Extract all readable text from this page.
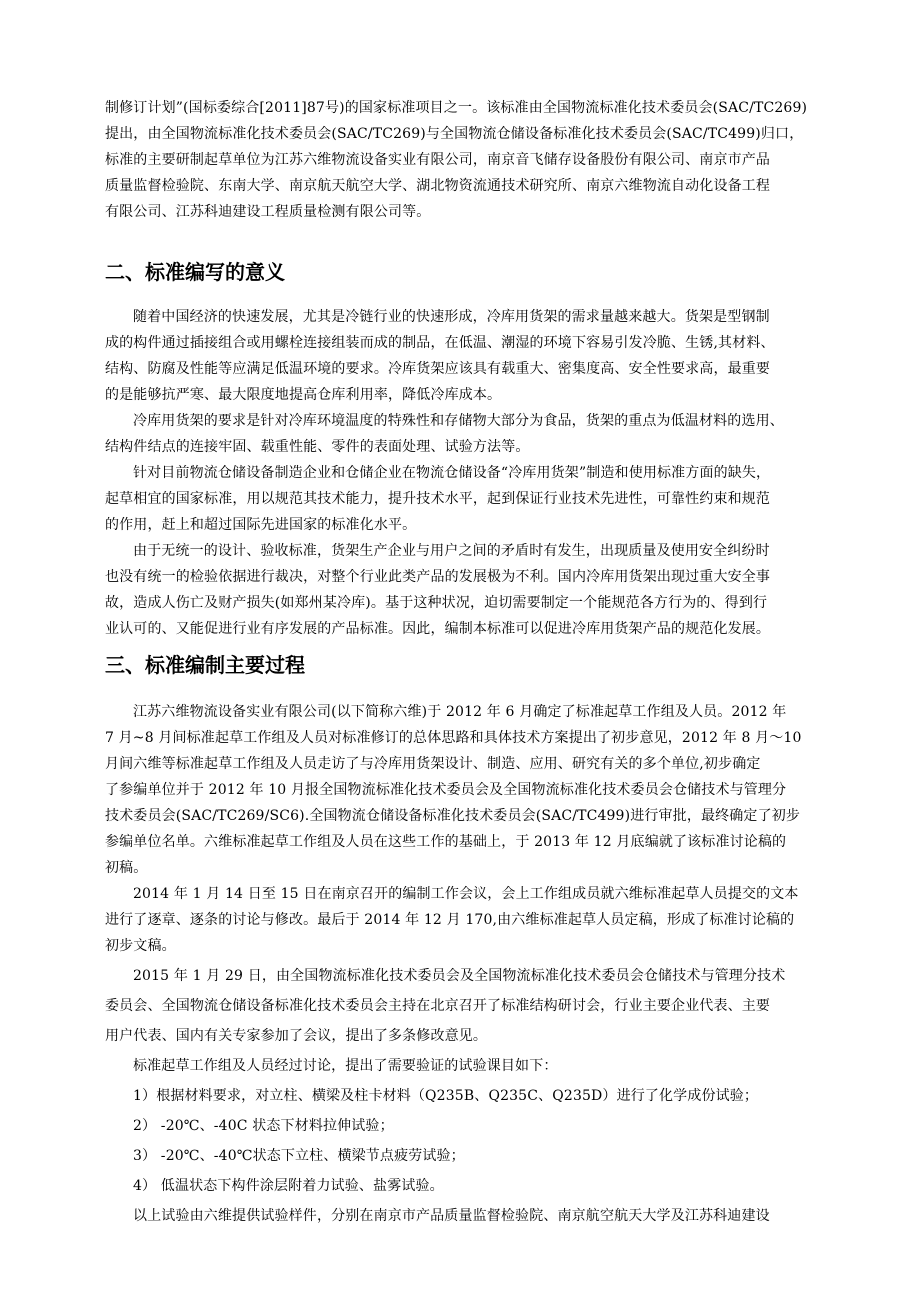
制修订计划”(国标委综合[2011]87号)的国家标准项目之一。该标准由全国物流标准化技术委员会(SAC/TC269)
提出，由全国物流标准化技术委员会(SAC/TC269)与全国物流仓储设备标准化技术委员会(SAC/TC499)归口，
标准的主要研制起草单位为江苏六维物流设备实业有限公司，南京音飞储存设备股份有限公司、南京市产品
质量监督检验院、东南大学、南京航天航空大学、湖北物资流通技术研究所、南京六维物流自动化设备工程
有限公司、江苏科迪建设工程质量检测有限公司等。
二、标准编写的意义
随着中国经济的快速发展，尤其是冷链行业的快速形成，冷库用货架的需求量越来越大。货架是型钢制
成的构件通过插接组合或用螺栓连接组装而成的制品，在低温、潮湿的环境下容易引发冷脆、生锈,其材料、
结构、防腐及性能等应满足低温环境的要求。冷库货架应该具有载重大、密集度高、安全性要求高，最重要
的是能够抗严寒、最大限度地提高仓库利用率，降低冷库成本。
冷库用货架的要求是针对冷库环境温度的特殊性和存储物大部分为食品，货架的重点为低温材料的选用、
结构件结点的连接牢固、载重性能、零件的表面处理、试验方法等。
针对目前物流仓储设备制造企业和仓储企业在物流仓储设备“冷库用货架”制造和使用标准方面的缺失，
起草相宜的国家标准，用以规范其技术能力，提升技术水平，起到保证行业技术先进性，可靠性约束和规范
的作用，赶上和超过国际先进国家的标准化水平。
由于无统一的设计、验收标准，货架生产企业与用户之间的矛盾时有发生，出现质量及使用安全纠纷时
也没有统一的检验依据进行裁决，对整个行业此类产品的发展极为不利。国内冷库用货架出现过重大安全事
故，造成人伤亡及财产损失(如郑州某冷库)。基于这种状况，迫切需要制定一个能规范各方行为的、得到行
业认可的、又能促进行业有序发展的产品标准。因此，编制本标准可以促进冷库用货架产品的规范化发展。
三、标准编制主要过程
江苏六维物流设备实业有限公司(以下简称六维)于 2012 年 6 月确定了标准起草工作组及人员。2012 年
7 月~8 月间标准起草工作组及人员对标准修订的总体思路和具体技术方案提出了初步意见，2012 年 8 月～10
月间六维等标准起草工作组及人员走访了与冷库用货架设计、制造、应用、研究有关的多个单位,初步确定
了参编单位并于 2012 年 10 月报全国物流标准化技术委员会及全国物流标准化技术委员会仓储技术与管理分
技术委员会(SAC/TC269/SC6).全国物流仓储设备标准化技术委员会(SAC/TC499)进行审批，最终确定了初步
参编单位名单。六维标准起草工作组及人员在这些工作的基础上，于 2013 年 12 月底编就了该标准讨论稿的
初稿。
2014 年 1 月 14 日至 15 日在南京召开的编制工作会议，会上工作组成员就六维标准起草人员提交的文本
进行了逐章、逐条的讨论与修改。最后于 2014 年 12 月 170,由六维标准起草人员定稿，形成了标准讨论稿的
初步文稿。
2015 年 1 月 29 日，由全国物流标准化技术委员会及全国物流标准化技术委员会仓储技术与管理分技术
委员会、全国物流仓储设备标准化技术委员会主持在北京召开了标准结构研讨会，行业主要企业代表、主要
用户代表、国内有关专家参加了会议，提出了多条修改意见。
标准起草工作组及人员经过讨论，提出了需要验证的试验课目如下：
1）根据材料要求，对立柱、横梁及柱卡材料（Q235B、Q235C、Q235D）进行了化学成份试验；
2） -20℃、-40C 状态下材料拉伸试验；
3） -20℃、-40℃状态下立柱、横梁节点疲劳试验；
4） 低温状态下构件涂层附着力试验、盐雾试验。
以上试验由六维提供试验样件，分别在南京市产品质量监督检验院、南京航空航天大学及江苏科迪建设
